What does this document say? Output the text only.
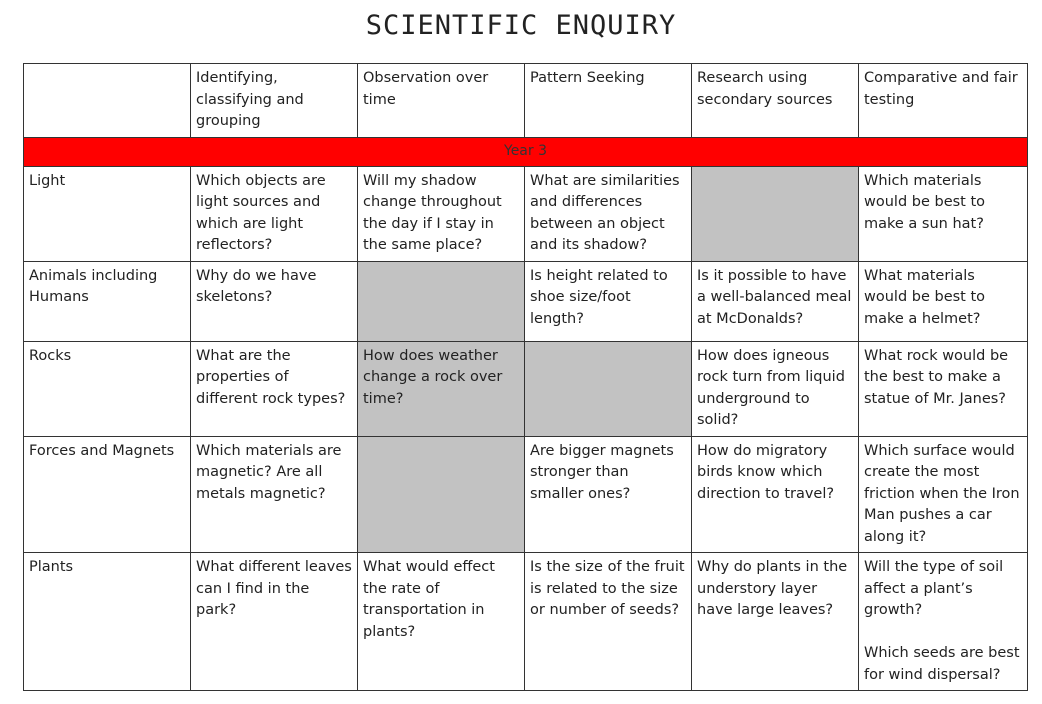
SCIENTIFIC ENQUIRY
	Identifying, classifying and grouping	Observation over time	Pattern Seeking	Research using secondary sources	Comparative and fair testing
Year 3					
Light	Which objects are light sources and which are light reflectors?	Will my shadow change throughout the day if I stay in the same place?	What are similarities and differences between an object and its shadow?		Which materials would be best to make a sun hat?
Animals including Humans	Why do we have skeletons?		Is height related to shoe size/foot length?	Is it possible to have a well-balanced meal at McDonalds?	What materials would be best to make a helmet?
Rocks	What are the properties of different rock types?	How does weather change a rock over time?		How does igneous rock turn from liquid underground to solid?	What rock would be the best to make a statue of Mr. Janes?
Forces and Magnets	Which materials are magnetic? Are all metals magnetic?		Are bigger magnets stronger than smaller ones?	How do migratory birds know which direction to travel?	Which surface would create the most friction when the Iron Man pushes a car along it?
Plants	What different leaves can I find in the park?	What would effect the rate of transportation in plants?	Is the size of the fruit is related to the size or number of seeds?	Why do plants in the understory layer have large leaves?	Will the type of soil affect a plant’s growth?
Which seeds are best for wind dispersal?
